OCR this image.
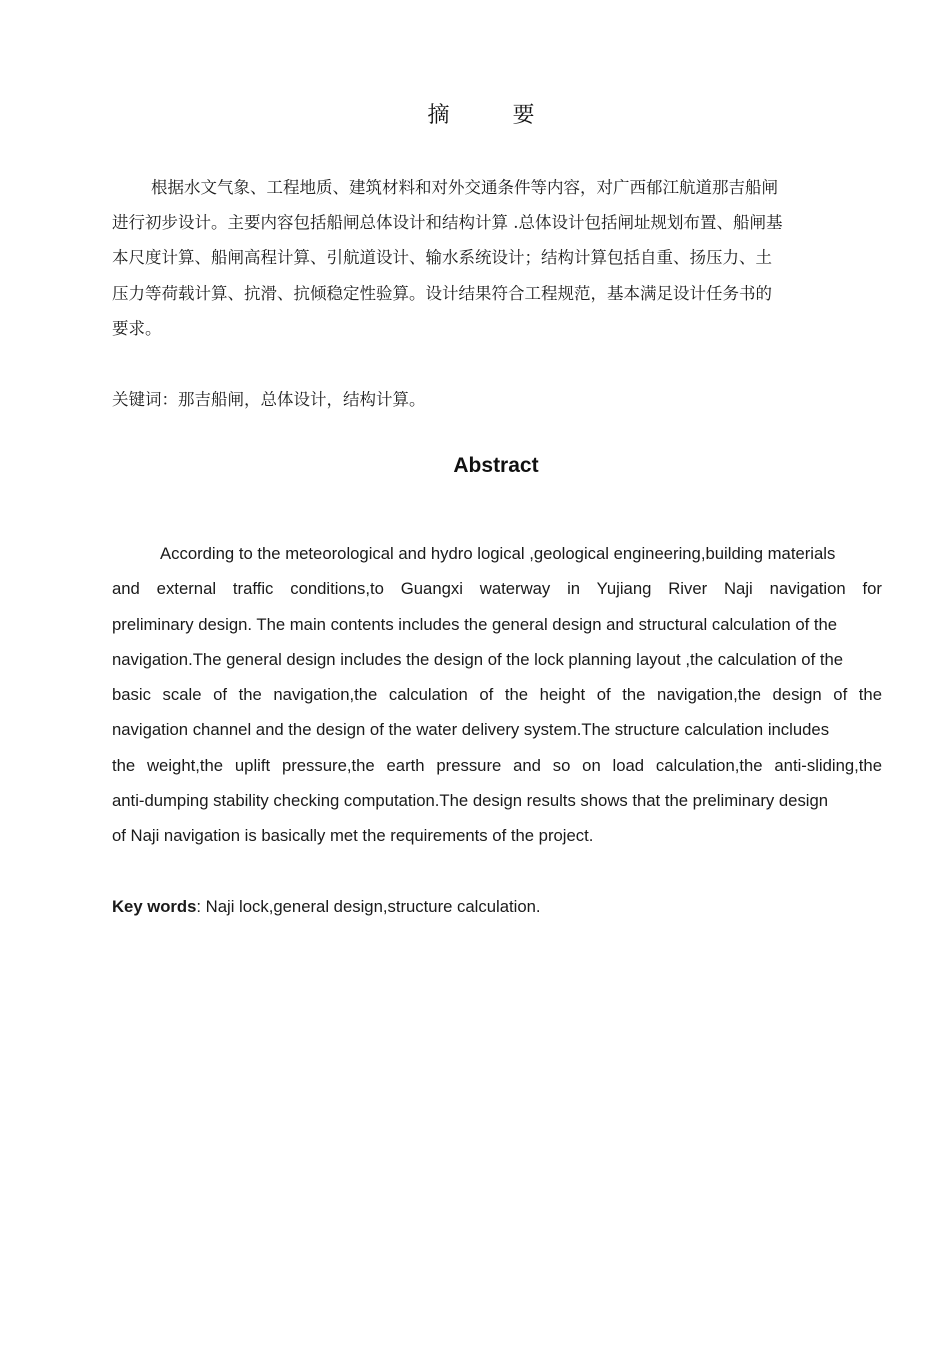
摘 要
根据水文气象、工程地质、建筑材料和对外交通条件等内容，对广西郁江航道那吉船闸
进行初步设计。主要内容包括船闸总体设计和结构计算 .总体设计包括闸址规划布置、船闸基
本尺度计算、船闸高程计算、引航道设计、输水系统设计；结构计算包括自重、扬压力、土
压力等荷载计算、抗滑、抗倾稳定性验算。设计结果符合工程规范，基本满足设计任务书的
要求。
关键词：那吉船闸，总体设计，结构计算。
Abstract
According to the meteorological and hydro logical ,geological engineering,building materials
and external traffic conditions,to Guangxi waterway in Yujiang River Naji navigation for
preliminary design. The main contents includes the general design and structural calculation of the
navigation.The general design includes the design of the lock planning layout ,the calculation of the
basic scale of the navigation,the calculation of the height of the navigation,the design of the
navigation channel and the design of the water delivery system.The structure calculation includes
the weight,the uplift pressure,the earth pressure and so on load calculation,the anti-sliding,the
anti-dumping stability checking computation.The design results shows that the preliminary design
of Naji navigation is basically met the requirements of the project.
Key words: Naji lock,general design,structure calculation.
